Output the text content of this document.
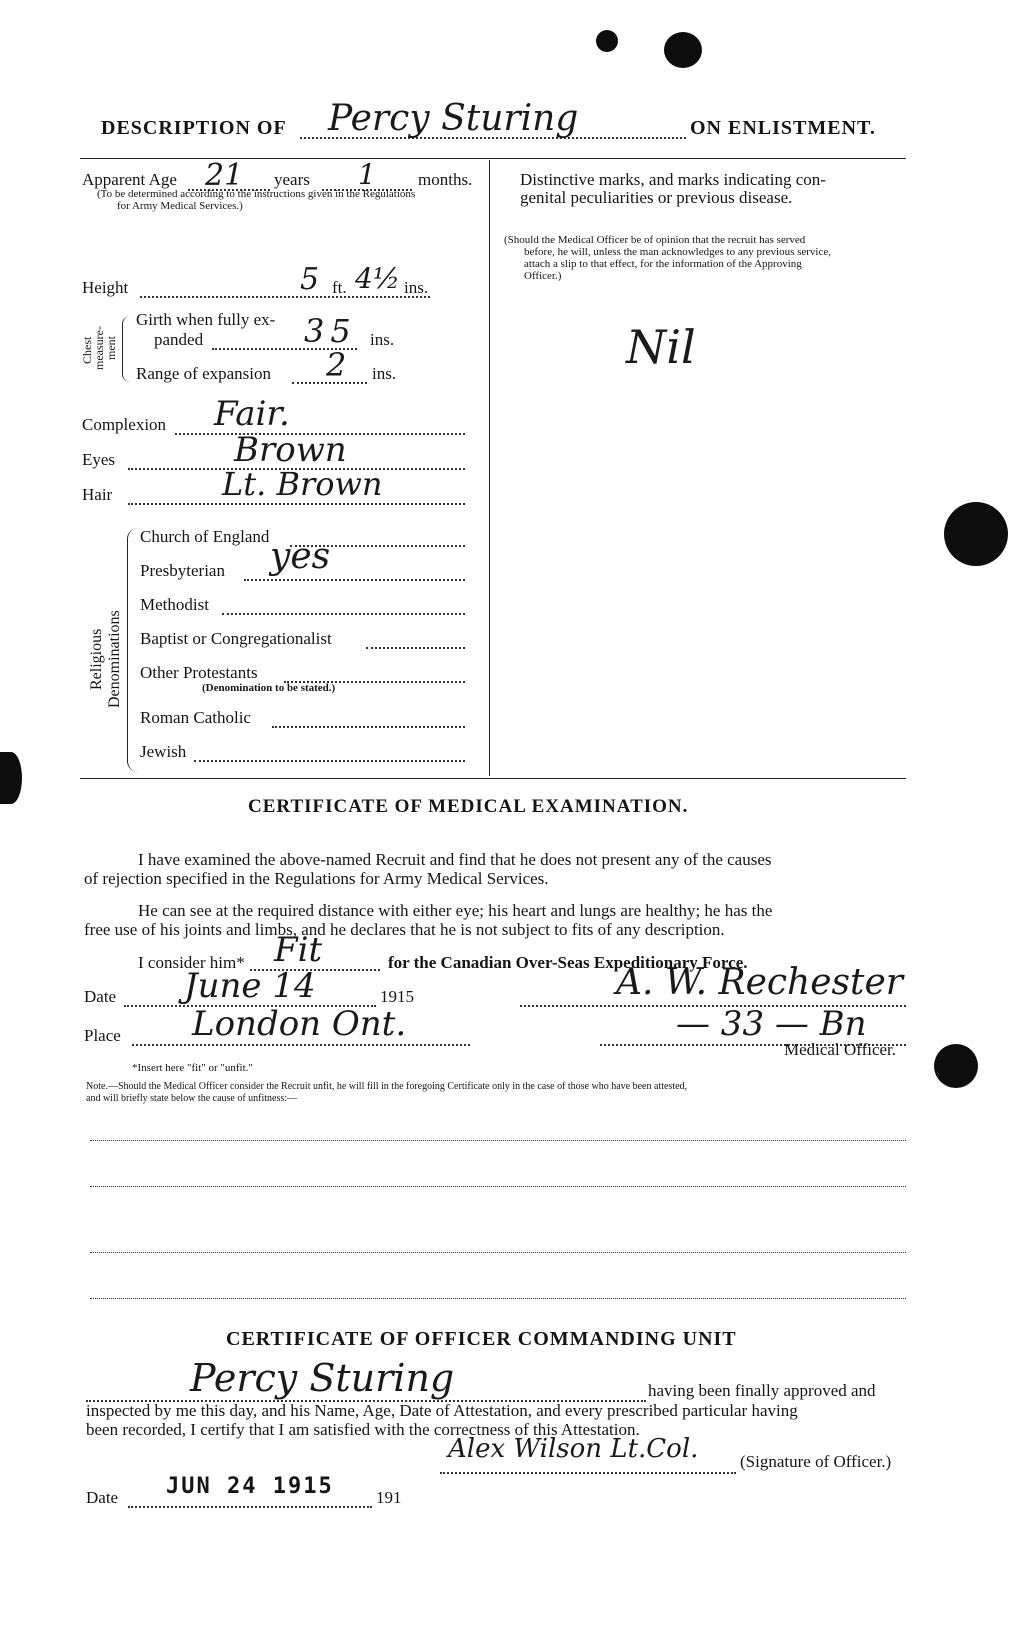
DESCRIPTION OF Percy Sturing	ON ENLISTMENT.
Apparent Age 21 years 1 months.
(To be determined according to the instructions given in the Regulations
for Army Medical Services.)
Distinctive marks, and marks indicating con-
genital peculiarities or previous disease.
(Should the Medical Officer be of opinion that the recruit has served
before, he will, unless the man acknowledges to any previous service,
attach a slip to that effect, for the information of the Approving
Officer.)
Nil
Height	5 ft. 4½ ins.
Chest
measure-
ment
Girth when fully ex-
panded	35 ins.
Range of expansion 2 ins.
Complexion Fair.
Eyes	Brown
Hair	Lt. Brown
Religious Denominations
Church of England
Presbyterian yes
Methodist
Baptist or Congregationalist
Other Protestants
(Denomination to be stated.)
Roman Catholic
Jewish
CERTIFICATE OF MEDICAL EXAMINATION.
I have examined the above-named Recruit and find that he does not present any of the causes
of rejection specified in the Regulations for Army Medical Services.
He can see at the required distance with either eye; his heart and lungs are healthy; he has the
free use of his joints and limbs, and he declares that he is not subject to fits of any description.
I consider him* Fit	for the Canadian Over-Seas Expeditionary Force.
Date June 14	1915	A. W. Rechester
Place London Ont.	— 33 — Bn
Medical Officer.
*Insert here "fit" or "unfit."
Note.—Should the Medical Officer consider the Recruit unfit, he will fill in the foregoing Certificate only in the case of those who have been attested,
and will briefly state below the cause of unfitness:—
CERTIFICATE OF OFFICER COMMANDING UNIT
Percy Sturing	having been finally approved and
inspected by me this day, and his Name, Age, Date of Attestation, and every prescribed particular having
been recorded, I certify that I am satisfied with the correctness of this Attestation.
Alex Wilson Lt.Col. (Signature of Officer.)
Date JUN 24 1915 191
